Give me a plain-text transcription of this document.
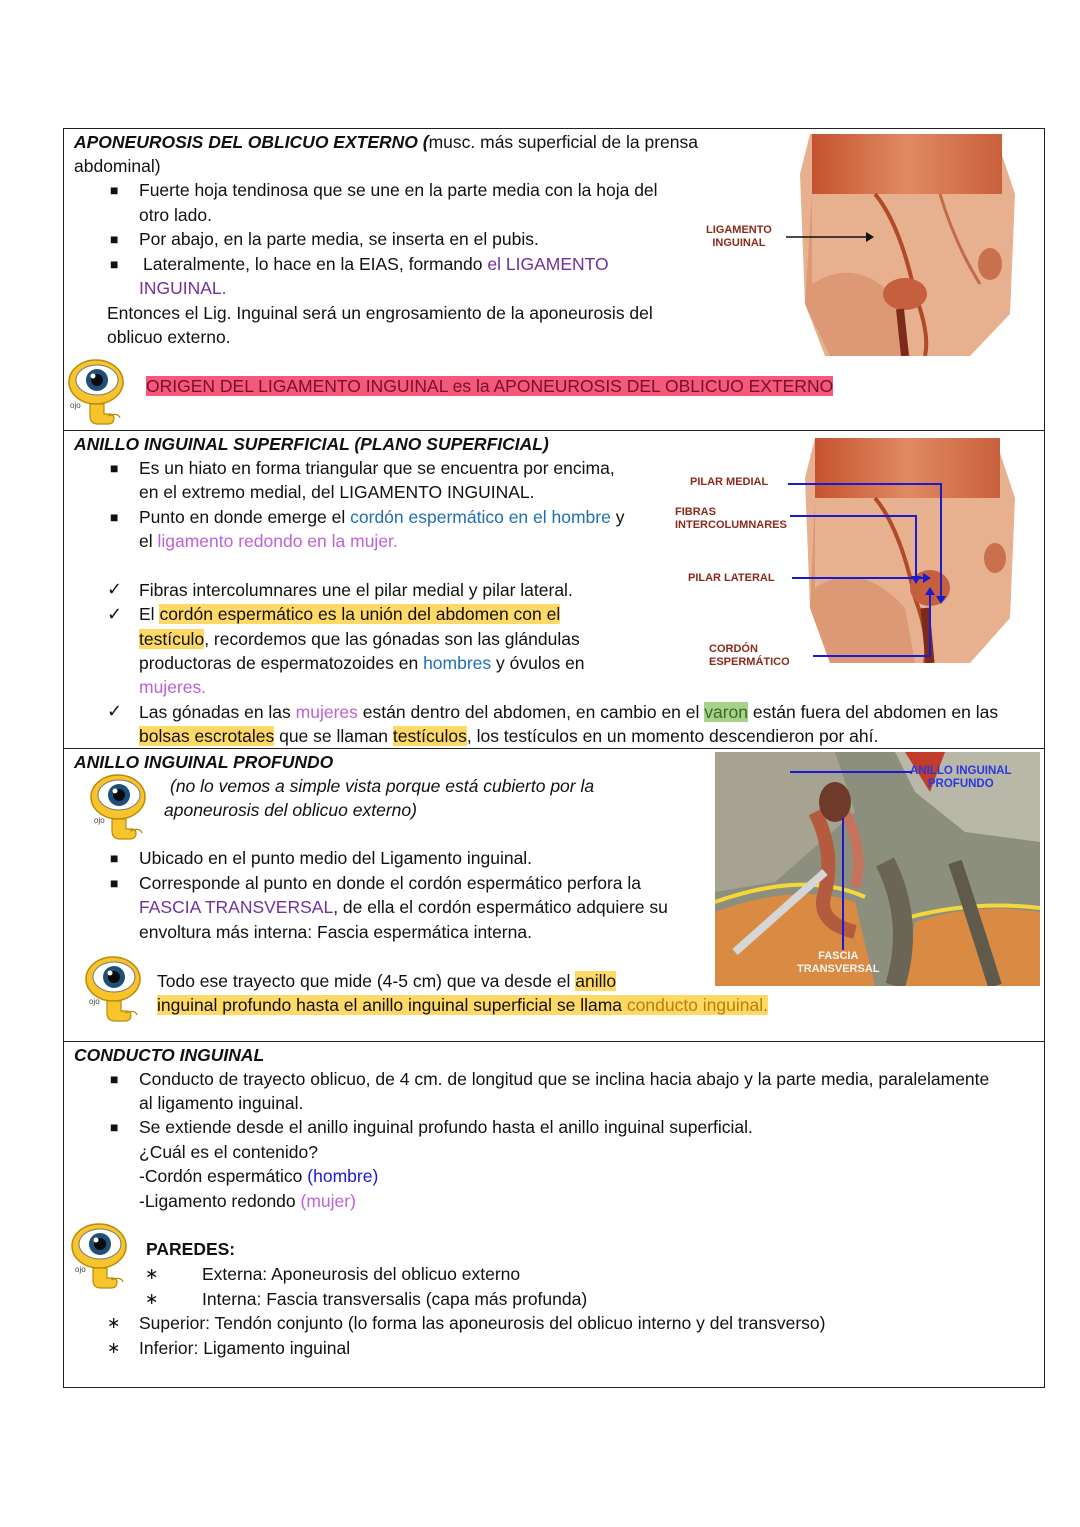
APONEUROSIS DEL OBLICUO EXTERNO (musc. más superficial de la prensa
abdominal)
■ Fuerte hoja tendinosa que se une en la parte media con la hoja del
otro lado.
■ Por abajo, en la parte media, se inserta en el pubis.
■ Lateralmente, lo hace en la EIAS, formando el LIGAMENTO
INGUINAL.
Entonces el Lig. Inguinal será un engrosamiento de la aponeurosis del
oblicuo externo.
ojo
ORIGEN DEL LIGAMENTO INGUINAL es la APONEUROSIS DEL OBLICUO EXTERNO
LIGAMENTO
INGUINAL
ANILLO INGUINAL SUPERFICIAL (PLANO SUPERFICIAL)
■ Es un hiato en forma triangular que se encuentra por encima,
en el extremo medial, del LIGAMENTO INGUINAL.
■ Punto en donde emerge el cordón espermático en el hombre y
el ligamento redondo en la mujer.
✓ Fibras intercolumnares une el pilar medial y pilar lateral.
✓ El cordón espermático es la unión del abdomen con el
testículo, recordemos que las gónadas son las glándulas
productoras de espermatozoides en hombres y óvulos en
mujeres.
✓ Las gónadas en las mujeres están dentro del abdomen, en cambio en el varon están fuera del abdomen en las
bolsas escrotales que se llaman testículos, los testículos en un momento descendieron por ahí.
PILAR MEDIAL
FIBRAS
INTERCOLUMNARES
PILAR LATERAL
CORDÓN
ESPERMÁTICO
ANILLO INGUINAL PROFUNDO
ojo
(no lo vemos a simple vista porque está cubierto por la
aponeurosis del oblicuo externo)
■ Ubicado en el punto medio del Ligamento inguinal.
■ Corresponde al punto en donde el cordón espermático perfora la
FASCIA TRANSVERSAL, de ella el cordón espermático adquiere su
envoltura más interna: Fascia espermática interna.
ojo
Todo ese trayecto que mide (4-5 cm) que va desde el anillo
inguinal profundo hasta el anillo inguinal superficial se llama conducto inguinal.
ANILLO INGUINAL
PROFUNDO
FASCIA
TRANSVERSAL
CONDUCTO INGUINAL
■ Conducto de trayecto oblicuo, de 4 cm. de longitud que se inclina hacia abajo y la parte media, paralelamente
al ligamento inguinal.
■ Se extiende desde el anillo inguinal profundo hasta el anillo inguinal superficial.
¿Cuál es el contenido?
-Cordón espermático (hombre)
-Ligamento redondo (mujer)
ojo
PAREDES:
∗ Externa: Aponeurosis del oblicuo externo
∗ Interna: Fascia transversalis (capa más profunda)
∗ Superior: Tendón conjunto (lo forma las aponeurosis del oblicuo interno y del transverso)
∗ Inferior: Ligamento inguinal
